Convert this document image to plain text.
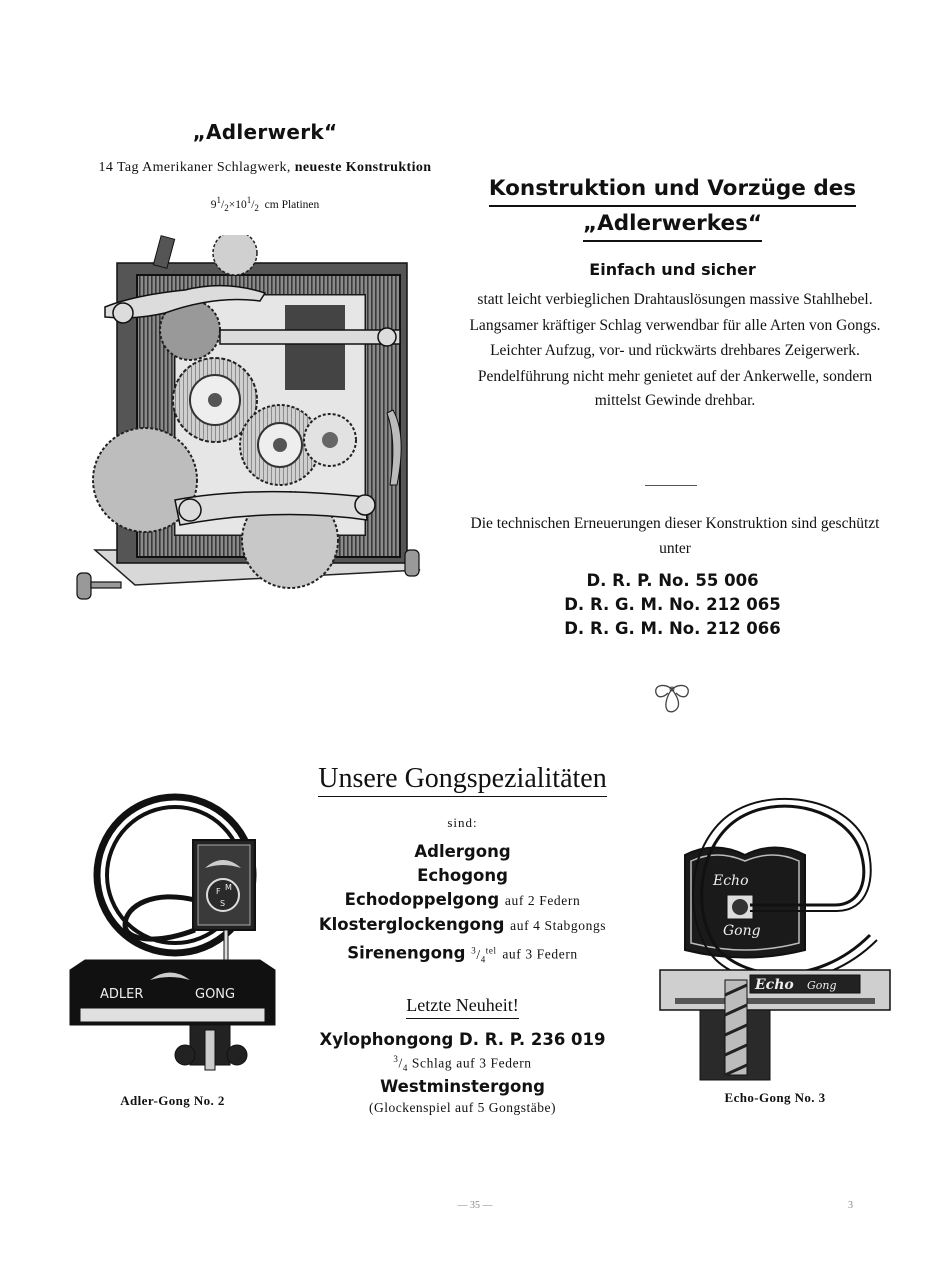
„Adlerwerk“
14 Tag Amerikaner Schlagwerk, neueste Konstruktion
$9^1/_2\times 10^1/_2$ cm Platinen
Konstruktion und Vorzüge des
„Adlerwerkes“
Einfach und sicher

statt leicht verbieglichen Drahtauslösungen massive Stahlhebel.

Langsamer kräftiger Schlag verwendbar für alle Arten von Gongs.

Leichter Aufzug, vor- und rückwärts drehbares Zeigerwerk.

Pendelführung nicht mehr genietet auf der Ankerwelle, sondern mittelst Gewinde drehbar.

Die technischen Erneuerungen dieser Konstruktion sind geschützt unter
D. R. P. No. 55 006
D. R. G. M. No. 212 065
D. R. G. M. No. 212 066
F M
S
ADLER	GONG
Adler-Gong No. 2
Unsere Gongspezialitäten
sind:
Adlergong
Echogong
Echodoppelgong auf 2 Federn
Klosterglockengong auf 4 Stabgongs
Sirenengong $^3/_4^{tel}$ auf 3 Federn
Letzte Neuheit!
Xylophongong D. R. P. 236 019
$^3/_4$ Schlag auf 3 Federn
Westminstergong
(Glockenspiel auf 5 Gongstäbe)
Echo
Gong
Echo Gong
Echo-Gong No. 3
— 35 —	3
